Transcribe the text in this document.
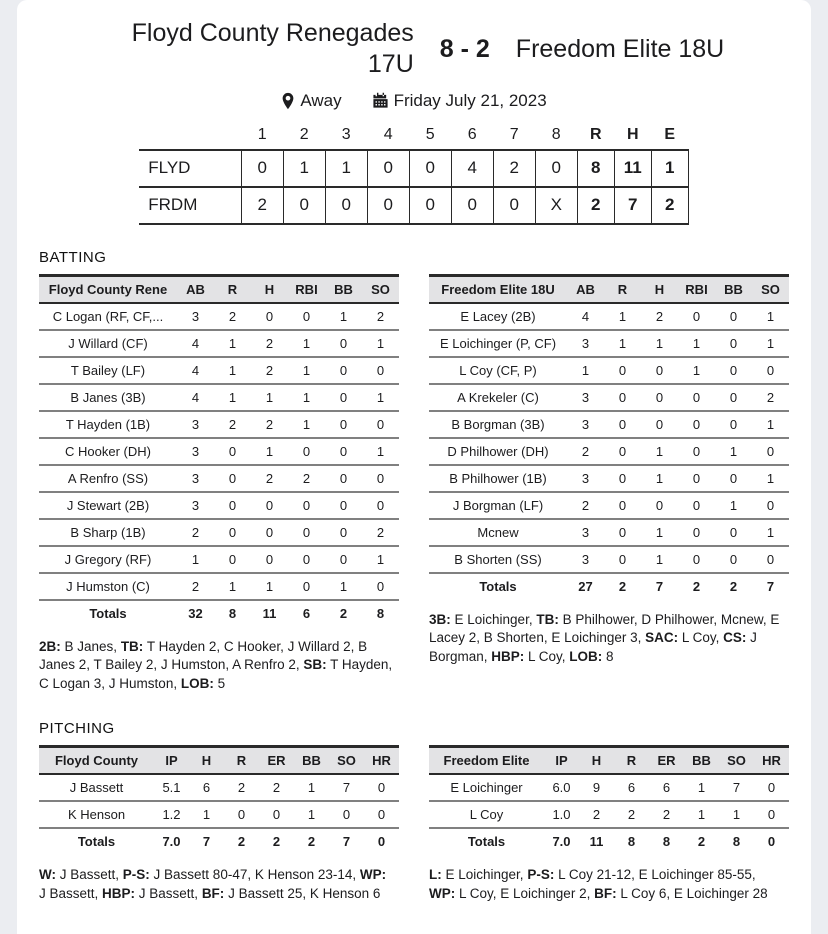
Floyd County Renegades 17U
8 - 2 Freedom Elite 18U
Away	Friday July 21, 2023
	1	2	3	4	5	6	7	8	R	H	E
FLYD	0	1	1	0	0	4	2	0	8	11	1
FRDM	2	0	0	0	0	0	0	X	2	7	2
BATTING
Floyd County Rene	AB	R	H	RBI	BB	SO
C Logan (RF, CF,...	3	2	0	0	1	2
J Willard (CF)	4	1	2	1	0	1
T Bailey (LF)	4	1	2	1	0	0
B Janes (3B)	4	1	1	1	0	1
T Hayden (1B)	3	2	2	1	0	0
C Hooker (DH)	3	0	1	0	0	1
A Renfro (SS)	3	0	2	2	0	0
J Stewart (2B)	3	0	0	0	0	0
B Sharp (1B)	2	0	0	0	0	2
J Gregory (RF)	1	0	0	0	0	1
J Humston (C)	2	1	1	0	1	0
Totals	32	8	11	6	2	8
2B: B Janes, TB: T Hayden 2, C Hooker, J Willard 2, B Janes 2, T Bailey 2, J Humston, A Renfro 2, SB: T Hayden, C Logan 3, J Humston, LOB: 5
Freedom Elite 18U	AB	R	H	RBI	BB	SO
E Lacey (2B)	4	1	2	0	0	1
E Loichinger (P, CF)	3	1	1	1	0	1
L Coy (CF, P)	1	0	0	1	0	0
A Krekeler (C)	3	0	0	0	0	2
B Borgman (3B)	3	0	0	0	0	1
D Philhower (DH)	2	0	1	0	1	0
B Philhower (1B)	3	0	1	0	0	1
J Borgman (LF)	2	0	0	0	1	0
Mcnew	3	0	1	0	0	1
B Shorten (SS)	3	0	1	0	0	0
Totals	27	2	7	2	2	7
3B: E Loichinger, TB: B Philhower, D Philhower, Mcnew, E Lacey 2, B Shorten, E Loichinger 3, SAC: L Coy, CS: J Borgman, HBP: L Coy, LOB: 8
PITCHING
Floyd County	IP	H	R	ER	BB	SO	HR
J Bassett	5.1	6	2	2	1	7	0
K Henson	1.2	1	0	0	1	0	0
Totals	7.0	7	2	2	2	7	0
W: J Bassett, P-S: J Bassett 80-47, K Henson 23-14, WP: J Bassett, HBP: J Bassett, BF: J Bassett 25, K Henson 6
Freedom Elite	IP	H	R	ER	BB	SO	HR
E Loichinger	6.0	9	6	6	1	7	0
L Coy	1.0	2	2	2	1	1	0
Totals	7.0	11	8	8	2	8	0
L: E Loichinger, P-S: L Coy 21-12, E Loichinger 85-55, WP: L Coy, E Loichinger 2, BF: L Coy 6, E Loichinger 28
